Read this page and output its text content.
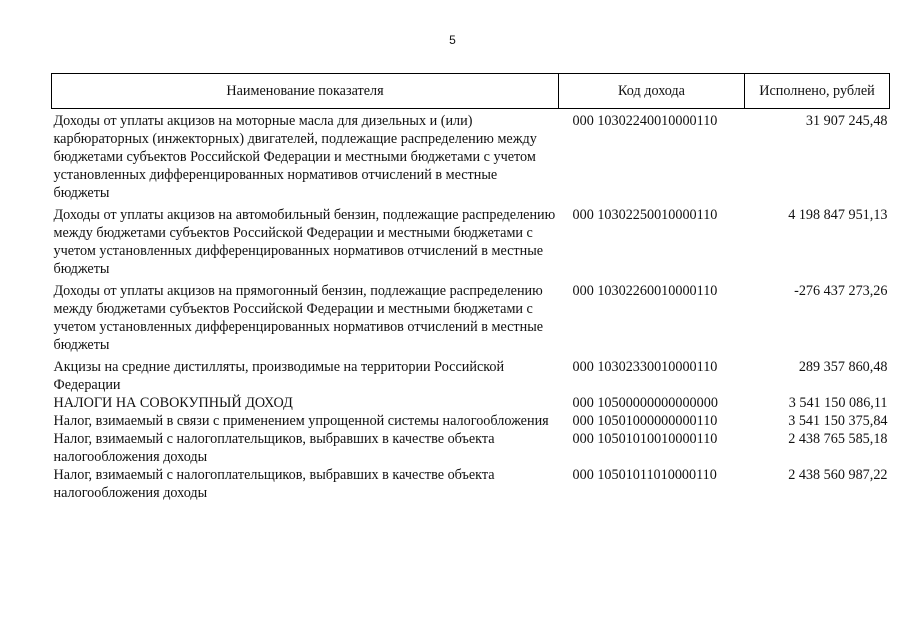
5
Наименование показателя	Код дохода	Исполнено, рублей
Доходы от уплаты акцизов на моторные масла для дизельных и (или) карбюраторных (инжекторных) двигателей, подлежащие распределению между бюджетами субъектов Российской Федерации и местными бюджетами с учетом установленных дифференцированных нормативов отчислений в местные бюджеты	000 10302240010000110	31 907 245,48
Доходы от уплаты акцизов на автомобильный бензин, подлежащие распределению между бюджетами субъектов Российской Федерации и местными бюджетами с учетом установленных дифференцированных нормативов отчислений в местные бюджеты	000 10302250010000110	4 198 847 951,13
Доходы от уплаты акцизов на прямогонный бензин, подлежащие распределению между бюджетами субъектов Российской Федерации и местными бюджетами с учетом установленных дифференцированных нормативов отчислений в местные бюджеты	000 10302260010000110	-276 437 273,26
Акцизы на средние дистилляты, производимые на территории Российской Федерации	000 10302330010000110	289 357 860,48
НАЛОГИ НА СОВОКУПНЫЙ ДОХОД	000 10500000000000000	3 541 150 086,11
Налог, взимаемый в связи с применением упрощенной системы налогообложения	000 10501000000000110	3 541 150 375,84
Налог, взимаемый с налогоплательщиков, выбравших в качестве объекта налогообложения доходы	000 10501010010000110	2 438 765 585,18
Налог, взимаемый с налогоплательщиков, выбравших в качестве объекта налогообложения доходы	000 10501011010000110	2 438 560 987,22
